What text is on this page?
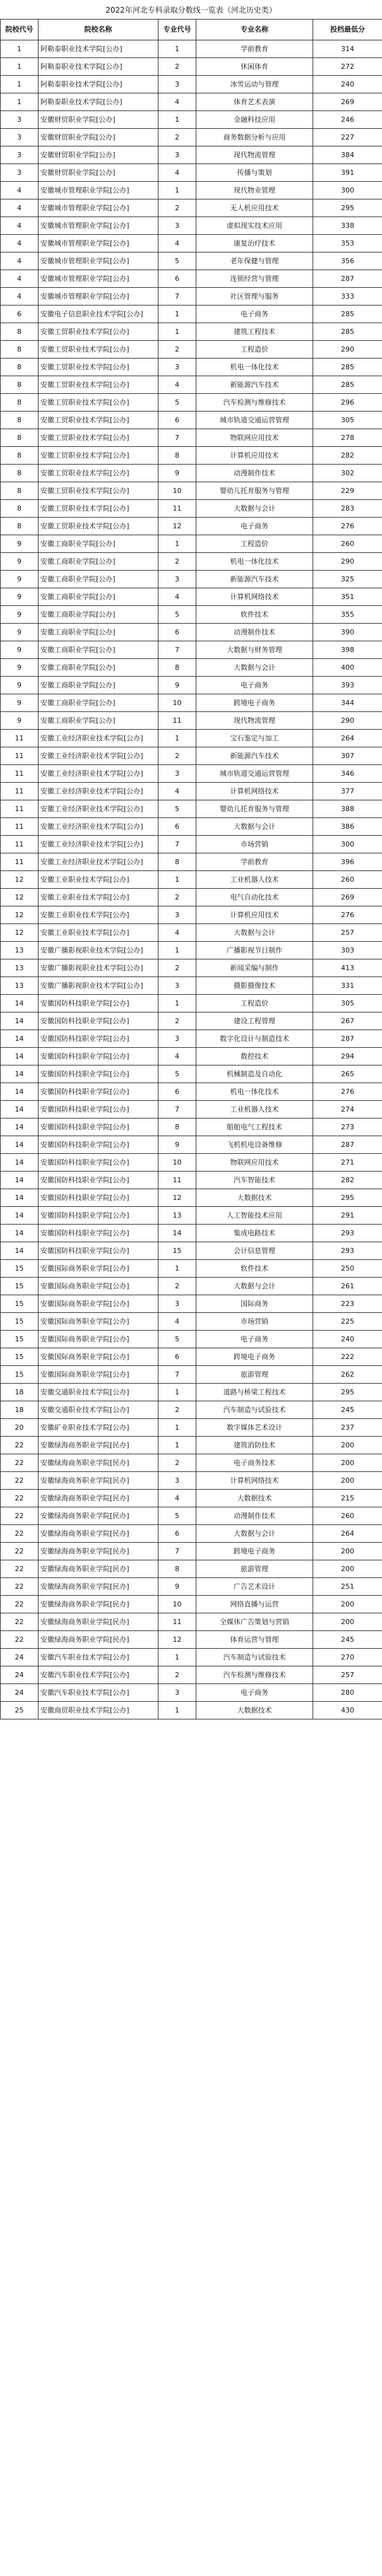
2022年河北专科录取分数线一览表（河北历史类）
院校代号	院校名称	专业代号	专业名称	投档最低分
1	阿勒泰职业技术学院[公办]	1	学前教育	314
1	阿勒泰职业技术学院[公办]	2	休闲体育	272
1	阿勒泰职业技术学院[公办]	3	冰雪运动与管理	240
1	阿勒泰职业技术学院[公办]	4	体育艺术表演	269
3	安徽财贸职业学院[公办]	1	金融科技应用	246
3	安徽财贸职业学院[公办]	2	商务数据分析与应用	227
3	安徽财贸职业学院[公办]	3	现代物流管理	384
3	安徽财贸职业学院[公办]	4	传播与策划	391
4	安徽城市管理职业学院[公办]	1	现代物业管理	300
4	安徽城市管理职业学院[公办]	2	无人机应用技术	295
4	安徽城市管理职业学院[公办]	3	虚拟现实技术应用	338
4	安徽城市管理职业学院[公办]	4	康复治疗技术	353
4	安徽城市管理职业学院[公办]	5	老年保健与管理	356
4	安徽城市管理职业学院[公办]	6	连锁经营与管理	287
4	安徽城市管理职业学院[公办]	7	社区管理与服务	333
6	安徽电子信息职业技术学院[公办]	1	电子商务	285
8	安徽工贸职业技术学院[公办]	1	建筑工程技术	285
8	安徽工贸职业技术学院[公办]	2	工程造价	290
8	安徽工贸职业技术学院[公办]	3	机电一体化技术	285
8	安徽工贸职业技术学院[公办]	4	新能源汽车技术	285
8	安徽工贸职业技术学院[公办]	5	汽车检测与维修技术	296
8	安徽工贸职业技术学院[公办]	6	城市轨道交通运营管理	305
8	安徽工贸职业技术学院[公办]	7	物联网应用技术	278
8	安徽工贸职业技术学院[公办]	8	计算机应用技术	282
8	安徽工贸职业技术学院[公办]	9	动漫制作技术	302
8	安徽工贸职业技术学院[公办]	10	婴幼儿托育服务与管理	229
8	安徽工贸职业技术学院[公办]	11	大数据与会计	283
8	安徽工贸职业技术学院[公办]	12	电子商务	276
9	安徽工商职业学院[公办]	1	工程造价	260
9	安徽工商职业学院[公办]	2	机电一体化技术	290
9	安徽工商职业学院[公办]	3	新能源汽车技术	325
9	安徽工商职业学院[公办]	4	计算机网络技术	351
9	安徽工商职业学院[公办]	5	软件技术	355
9	安徽工商职业学院[公办]	6	动漫制作技术	390
9	安徽工商职业学院[公办]	7	大数据与财务管理	398
9	安徽工商职业学院[公办]	8	大数据与会计	400
9	安徽工商职业学院[公办]	9	电子商务	393
9	安徽工商职业学院[公办]	10	跨境电子商务	344
9	安徽工商职业学院[公办]	11	现代物流管理	290
11	安徽工业经济职业技术学院[公办]	1	宝石鉴定与加工	264
11	安徽工业经济职业技术学院[公办]	2	新能源汽车技术	307
11	安徽工业经济职业技术学院[公办]	3	城市轨道交通运营管理	346
11	安徽工业经济职业技术学院[公办]	4	计算机网络技术	377
11	安徽工业经济职业技术学院[公办]	5	婴幼儿托育服务与管理	388
11	安徽工业经济职业技术学院[公办]	6	大数据与会计	386
11	安徽工业经济职业技术学院[公办]	7	市场营销	300
11	安徽工业经济职业技术学院[公办]	8	学前教育	396
12	安徽工业职业技术学院[公办]	1	工业机器人技术	260
12	安徽工业职业技术学院[公办]	2	电气自动化技术	269
12	安徽工业职业技术学院[公办]	3	计算机应用技术	276
12	安徽工业职业技术学院[公办]	4	大数据与会计	257
13	安徽广播影视职业技术学院[公办]	1	广播影视节目制作	303
13	安徽广播影视职业技术学院[公办]	2	新闻采编与制作	413
13	安徽广播影视职业技术学院[公办]	3	摄影摄像技术	331
14	安徽国防科技职业学院[公办]	1	工程造价	305
14	安徽国防科技职业学院[公办]	2	建设工程管理	267
14	安徽国防科技职业学院[公办]	3	数字化设计与制造技术	287
14	安徽国防科技职业学院[公办]	4	数控技术	294
14	安徽国防科技职业学院[公办]	5	机械制造及自动化	265
14	安徽国防科技职业学院[公办]	6	机电一体化技术	276
14	安徽国防科技职业学院[公办]	7	工业机器人技术	274
14	安徽国防科技职业学院[公办]	8	船舶电气工程技术	273
14	安徽国防科技职业学院[公办]	9	飞机机电设备维修	287
14	安徽国防科技职业学院[公办]	10	物联网应用技术	271
14	安徽国防科技职业学院[公办]	11	汽车智能技术	282
14	安徽国防科技职业学院[公办]	12	大数据技术	295
14	安徽国防科技职业学院[公办]	13	人工智能技术应用	291
14	安徽国防科技职业学院[公办]	14	集成电路技术	293
14	安徽国防科技职业学院[公办]	15	会计信息管理	293
15	安徽国际商务职业学院[公办]	1	软件技术	250
15	安徽国际商务职业学院[公办]	2	大数据与会计	261
15	安徽国际商务职业学院[公办]	3	国际商务	223
15	安徽国际商务职业学院[公办]	4	市场营销	225
15	安徽国际商务职业学院[公办]	5	电子商务	240
15	安徽国际商务职业学院[公办]	6	跨境电子商务	222
15	安徽国际商务职业学院[公办]	7	旅游管理	262
18	安徽交通职业技术学院[公办]	1	道路与桥梁工程技术	295
18	安徽交通职业技术学院[公办]	2	汽车制造与试验技术	245
20	安徽矿业职业技术学院[公办]	1	数字媒体艺术设计	237
22	安徽绿海商务职业学院[民办]	1	建筑消防技术	200
22	安徽绿海商务职业学院[民办]	2	电子商务技术	200
22	安徽绿海商务职业学院[民办]	3	计算机网络技术	200
22	安徽绿海商务职业学院[民办]	4	大数据技术	215
22	安徽绿海商务职业学院[民办]	5	动漫制作技术	260
22	安徽绿海商务职业学院[民办]	6	大数据与会计	264
22	安徽绿海商务职业学院[民办]	7	跨境电子商务	200
22	安徽绿海商务职业学院[民办]	8	旅游管理	200
22	安徽绿海商务职业学院[民办]	9	广告艺术设计	251
22	安徽绿海商务职业学院[民办]	10	网络直播与运营	200
22	安徽绿海商务职业学院[民办]	11	全媒体广告策划与营销	200
22	安徽绿海商务职业学院[民办]	12	体育运营与管理	245
24	安徽汽车职业技术学院[公办]	1	汽车制造与试验技术	270
24	安徽汽车职业技术学院[公办]	2	汽车检测与维修技术	257
24	安徽汽车职业技术学院[公办]	3	电子商务	280
25	安徽商贸职业技术学院[公办]	1	大数据技术	430
